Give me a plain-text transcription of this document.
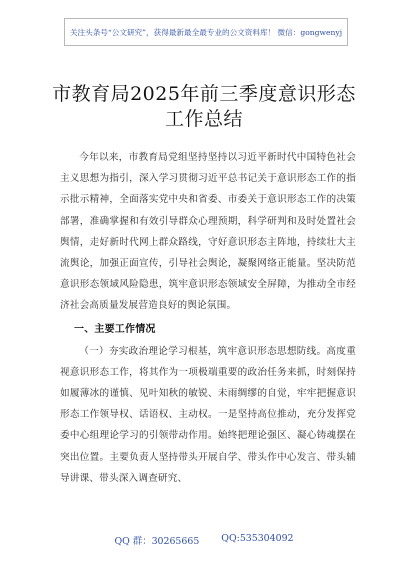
关注头条号“公文研究”，获得最新最全最专业的公文资料库！ 微信：gongwenyj
市教育局2025年前三季度意识形态
工作总结

今年以来，市教育局党组坚持坚持以习近平新时代中国特色社会主义思想为指引，深入学习贯彻习近平总书记关于意识形态工作的指示批示精神，全面落实党中央和省委、市委关于意识形态工作的决策部署，准确掌握和有效引导群众心理预期，科学研判和及时处置社会舆情，走好新时代网上群众路线，守好意识形态主阵地，持续壮大主流舆论，加强正面宣传，引导社会舆论，凝聚网络正能量。坚决防范意识形态领域风险隐患，筑牢意识形态领域安全屏障，为推动全市经济社会高质量发展营造良好的舆论氛围。

一、主要工作情况

（一）夯实政治理论学习根基，筑牢意识形态思想防线。高度重视意识形态工作，将其作为一项极端重要的政治任务来抓，时刻保持如履薄冰的谨慎、见叶知秋的敏锐、未雨绸缪的自觉，牢牢把握意识形态工作领导权、话语权、主动权。一是坚持高位推动，充分发挥党委中心组理论学习的引领带动作用。始终把理论强区、凝心铸魂摆在突出位置。主要负责人坚持带头开展自学、带头作中心发言、带头辅导讲课、带头深入调查研究、

QQ 群：30265665 QQ:535304092
